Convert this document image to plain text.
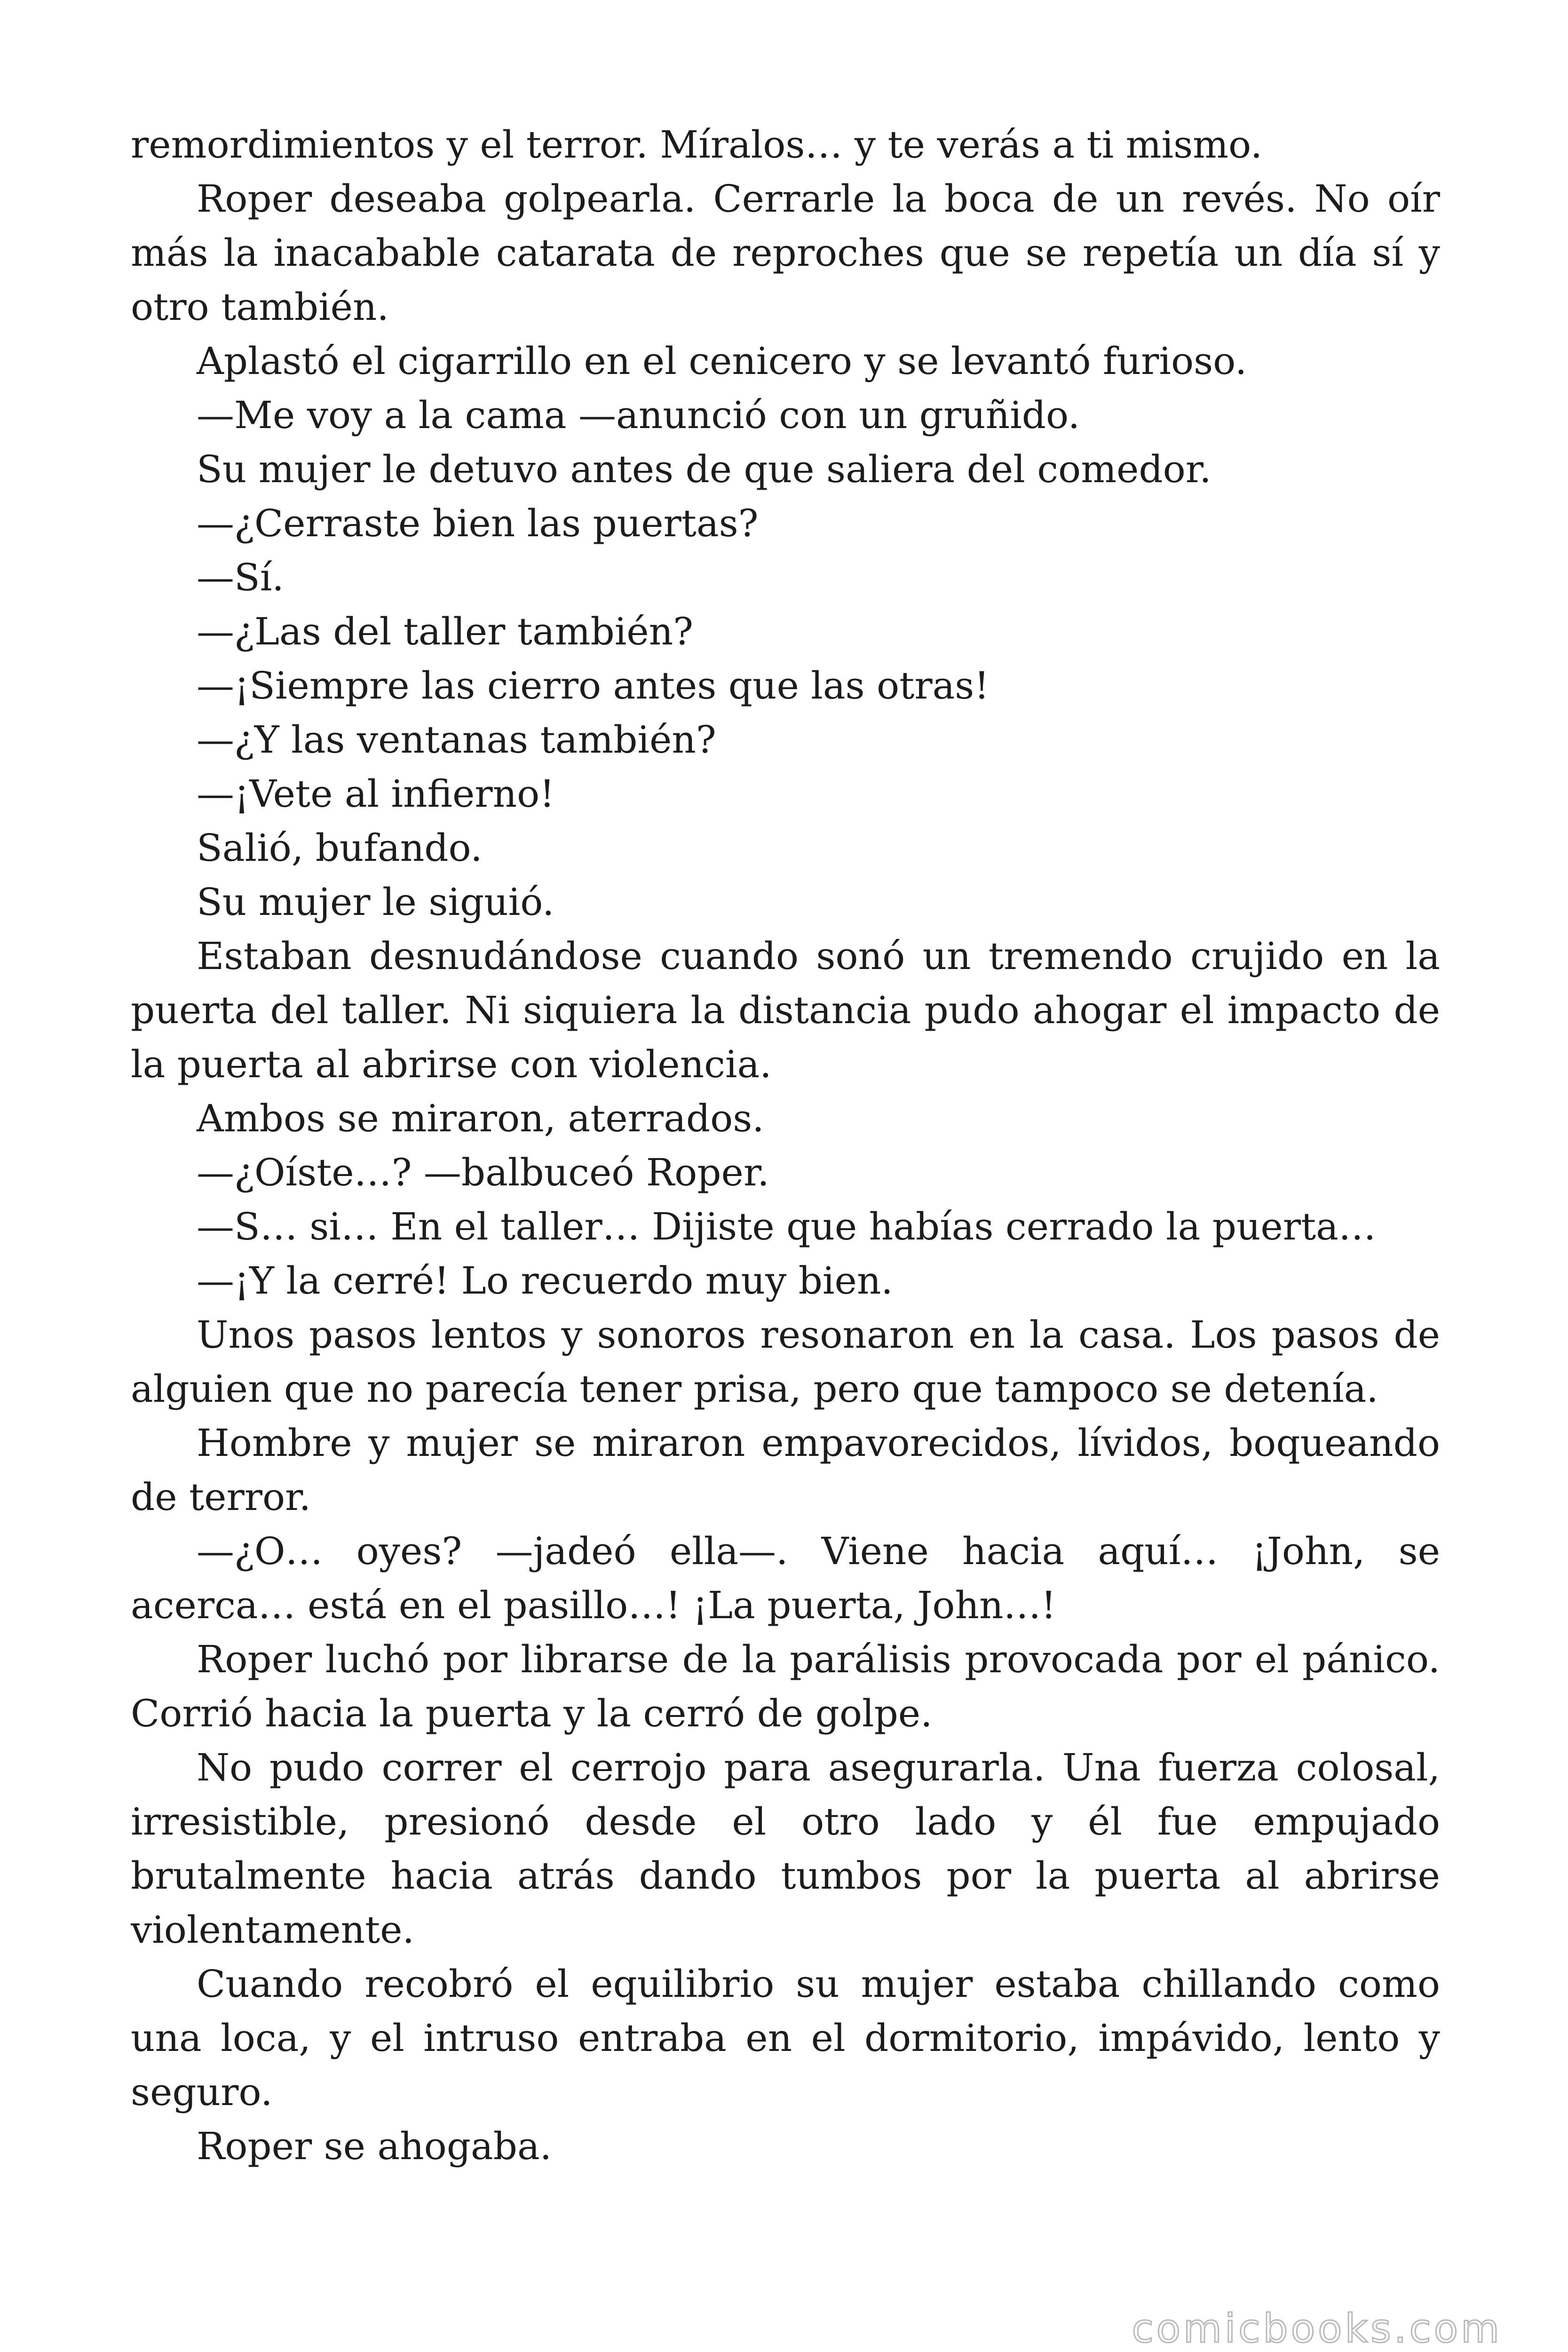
remordimientos y el terror. Míralos… y te verás a ti mismo.

Roper deseaba golpearla. Cerrarle la boca de un revés. No oír más la inacabable catarata de reproches que se repetía un día sí y otro también.

Aplastó el cigarrillo en el cenicero y se levantó furioso.

—Me voy a la cama —anunció con un gruñido.

Su mujer le detuvo antes de que saliera del comedor.

—¿Cerraste bien las puertas?

—Sí.

—¿Las del taller también?

—¡Siempre las cierro antes que las otras!

—¿Y las ventanas también?

—¡Vete al infierno!

Salió, bufando.

Su mujer le siguió.

Estaban desnudándose cuando sonó un tremendo crujido en la puerta del taller. Ni siquiera la distancia pudo ahogar el impacto de la puerta al abrirse con violencia.

Ambos se miraron, aterrados.

—¿Oíste…? —balbuceó Roper.

—S… si… En el taller… Dijiste que habías cerrado la puerta…

—¡Y la cerré! Lo recuerdo muy bien.

Unos pasos lentos y sonoros resonaron en la casa. Los pasos de alguien que no parecía tener prisa, pero que tampoco se detenía.

Hombre y mujer se miraron empavorecidos, lívidos, boqueando de terror.

—¿O… oyes? —jadeó ella—. Viene hacia aquí… ¡John, se acerca… está en el pasillo…! ¡La puerta, John…!

Roper luchó por librarse de la parálisis provocada por el pánico. Corrió hacia la puerta y la cerró de golpe.

No pudo correr el cerrojo para asegurarla. Una fuerza colosal, irresistible, presionó desde el otro lado y él fue empujado brutalmente hacia atrás dando tumbos por la puerta al abrirse violentamente.

Cuando recobró el equilibrio su mujer estaba chillando como una loca, y el intruso entraba en el dormitorio, impávido, lento y seguro.

Roper se ahogaba.

comicbooks.com
